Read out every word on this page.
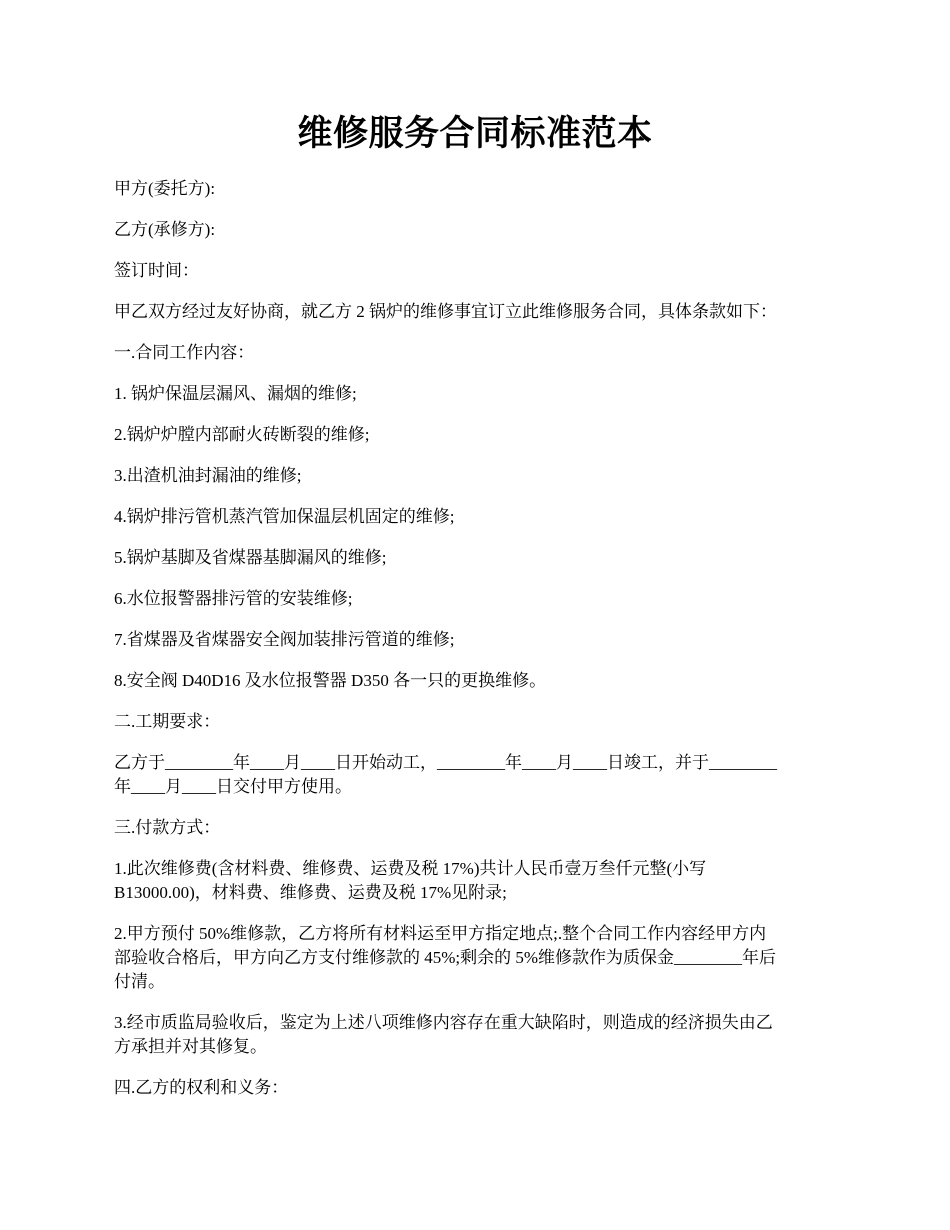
维修服务合同标准范本

甲方(委托方):

乙方(承修方):

签订时间：

甲乙双方经过友好协商，就乙方 2 锅炉的维修事宜订立此维修服务合同，具体条款如下：

一.合同工作内容：

1. 锅炉保温层漏风、漏烟的维修;

2.锅炉炉膛内部耐火砖断裂的维修;

3.出渣机油封漏油的维修;

4.锅炉排污管机蒸汽管加保温层机固定的维修;

5.锅炉基脚及省煤器基脚漏风的维修;

6.水位报警器排污管的安装维修;

7.省煤器及省煤器安全阀加装排污管道的维修;

8.安全阀 D40D16 及水位报警器 D350 各一只的更换维修。

二.工期要求：

乙方于________年____月____日开始动工，________年____月____日竣工，并于________
年____月____日交付甲方使用。

三.付款方式：

1.此次维修费(含材料费、维修费、运费及税 17%)共计人民币壹万叁仟元整(小写
B13000.00)，材料费、维修费、运费及税 17%见附录;

2.甲方预付 50%维修款，乙方将所有材料运至甲方指定地点;.整个合同工作内容经甲方内
部验收合格后，甲方向乙方支付维修款的 45%;剩余的 5%维修款作为质保金________年后
付清。

3.经市质监局验收后，鉴定为上述八项维修内容存在重大缺陷时，则造成的经济损失由乙
方承担并对其修复。

四.乙方的权利和义务：
